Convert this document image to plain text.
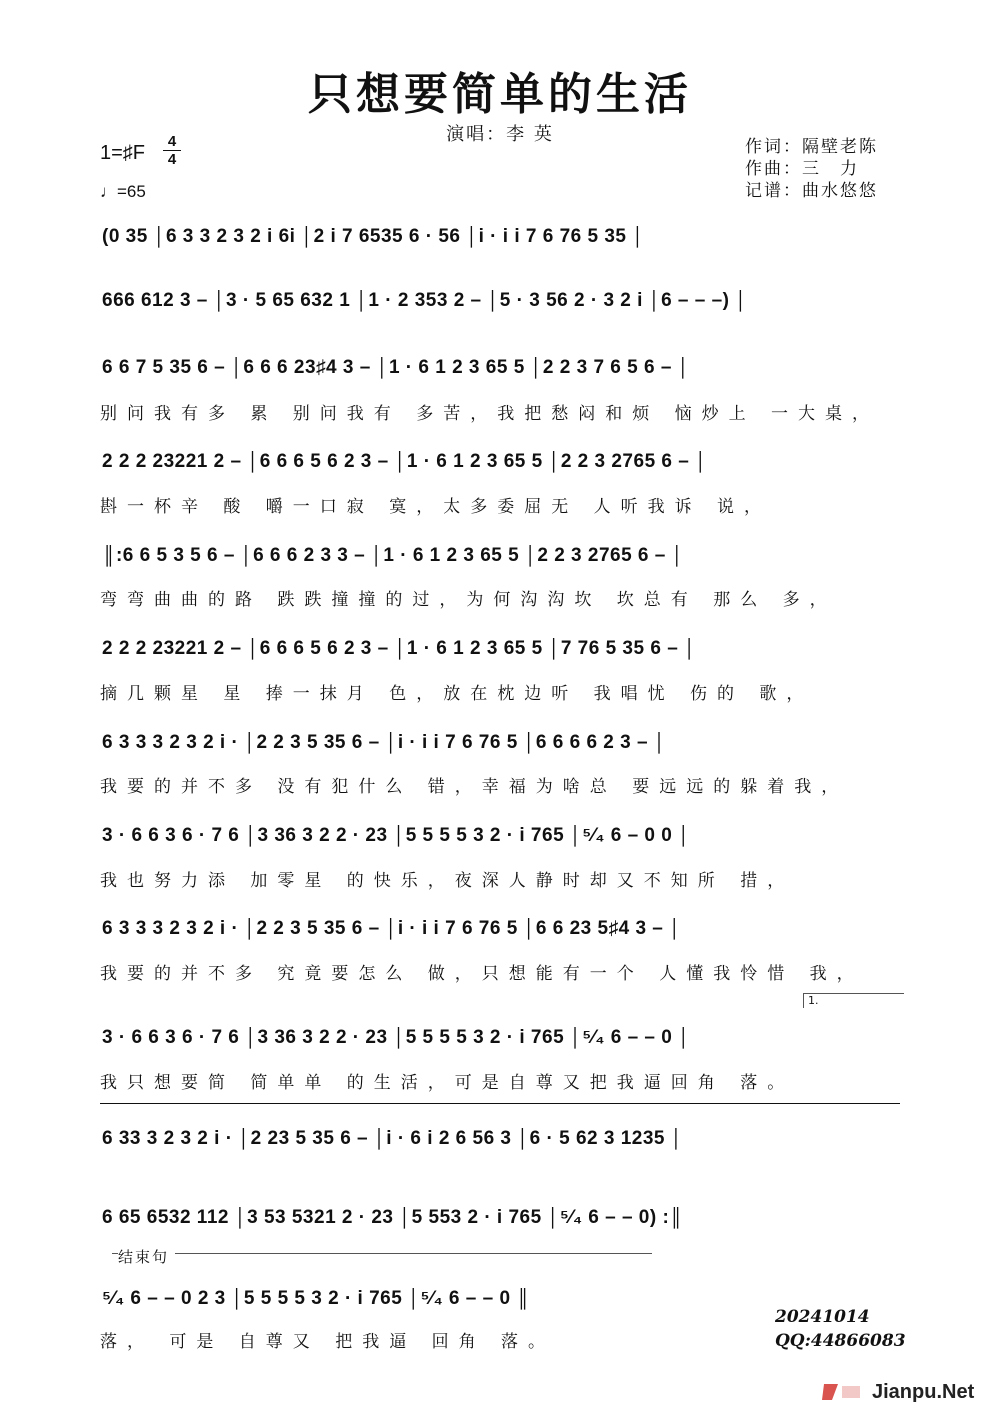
只想要简单的生活
演唱：李 英
1=♯F
4
4
♩=65
作词：隔壁老陈
作曲：三　力
记谱：曲水悠悠
(0 35 │6 3 3 2 3 2 i 6i │2 i 7 6535 6 · 56 │i · i i 7 6 76 5 35 │
666 612 3 – │3 · 5 65 632 1 │1 · 2 353 2 – │5 · 3 56 2 · 3 2 i │6 – – –) │
6 6 7 5 35 6 – │6 6 6 23♯4 3 – │1 · 6 1 2 3 65 5 │2 2 3 7 6 5 6 – │
别问我有多 累 别问我有 多苦，我把愁闷和烦 恼炒上 一大桌，
2 2 2 23221 2 – │6 6 6 5 6 2 3 – │1 · 6 1 2 3 65 5 │2 2 3 2765 6 – │
斟一杯辛 酸 嚼一口寂 寞，太多委屈无 人听我诉 说，
║:6 6 5 3 5 6 – │6 6 6 2 3 3 – │1 · 6 1 2 3 65 5 │2 2 3 2765 6 – │
弯弯曲曲的路 跌跌撞撞的过，为何沟沟坎 坎总有 那么 多，
2 2 2 23221 2 – │6 6 6 5 6 2 3 – │1 · 6 1 2 3 65 5 │7 76 5 35 6 – │
摘几颗星 星 捧一抹月 色，放在枕边听 我唱忧 伤的 歌，
6 3 3 3 2 3 2 i · │2 2 3 5 35 6 – │i · i i 7 6 76 5 │6 6 6 6 2 3 – │
我要的并不多 没有犯什么 错，幸福为啥总 要远远的躲着我，
3 · 6 6 3 6 · 7 6 │3 36 3 2 2 · 23 │5 5 5 5 3 2 · i 765 │⁵⁄₄ 6 – 0 0 │
我也努力添 加零星 的快乐，夜深人静时却又不知所 措，
6 3 3 3 2 3 2 i · │2 2 3 5 35 6 – │i · i i 7 6 76 5 │6 6 23 5♯4 3 – │
我要的并不多 究竟要怎么 做，只想能有一个 人懂我怜惜 我，
1.
3 · 6 6 3 6 · 7 6 │3 36 3 2 2 · 23 │5 5 5 5 3 2 · i 765 │⁵⁄₄ 6 – – 0 │
我只想要简 简单单 的生活，可是自尊又把我逼回角 落。
6 33 3 2 3 2 i · │2 23 5 35 6 – │i · 6 i 2 6 56 3 │6 · 5 62 3 1235 │
6 65 6532 112 │3 53 5321 2 · 23 │5 553 2 · i 765 │⁵⁄₄ 6 – – 0) :║
结束句
⁵⁄₄ 6 – – 0 2 3 │5 5 5 5 3 2 · i 765 │⁵⁄₄ 6 – – 0 ║
落， 可是 自尊又 把我逼 回角 落。
20241014
QQ:44866083
Jianpu.Net
